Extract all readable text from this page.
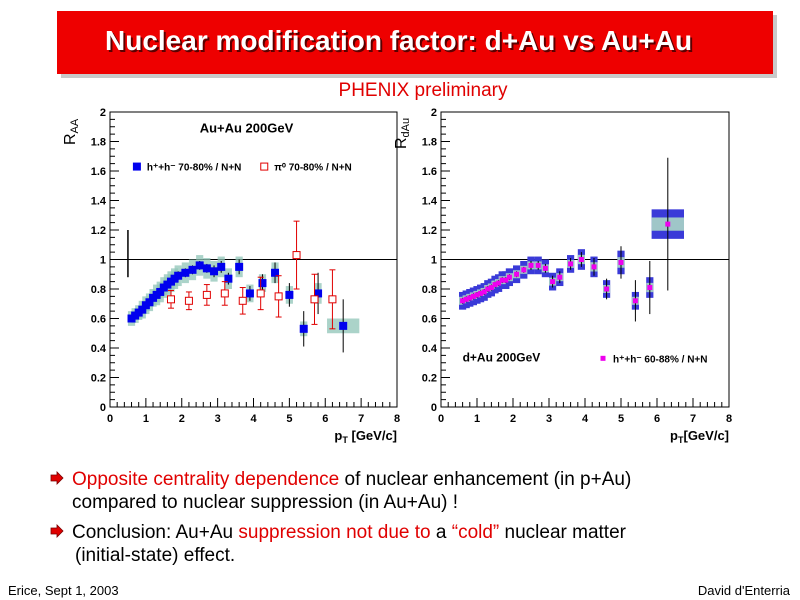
Nuclear modification factor: d+Au vs Au+Au
PHENIX preliminary
0	1	2	3	4	5	6	7	8
0
0.2
0.4
0.6
0.8
1
1.2
1.4
1.6
1.8
2
RAA
$p_T$ [GeV/c]
Au+Au 200GeV
h⁺+h⁻ 70-80% / N+N	π⁰ 70-80% / N+N
0	1	2	3	4	5	6	7	8
0
0.2
0.4
0.6
0.8
1
1.2
1.4
1.6
1.8
2
RdAu
$p_T[GeV/c]$
d+Au 200GeV	h⁺+h⁻ 60-88% / N+N
Opposite centrality dependence of nuclear enhancement (in p+Au)
compared to nuclear suppression (in Au+Au) !
Conclusion: Au+Au suppression not due to a “cold” nuclear matter
(initial-state) effect.
Erice, Sept 1, 2003	David d'Enterria
